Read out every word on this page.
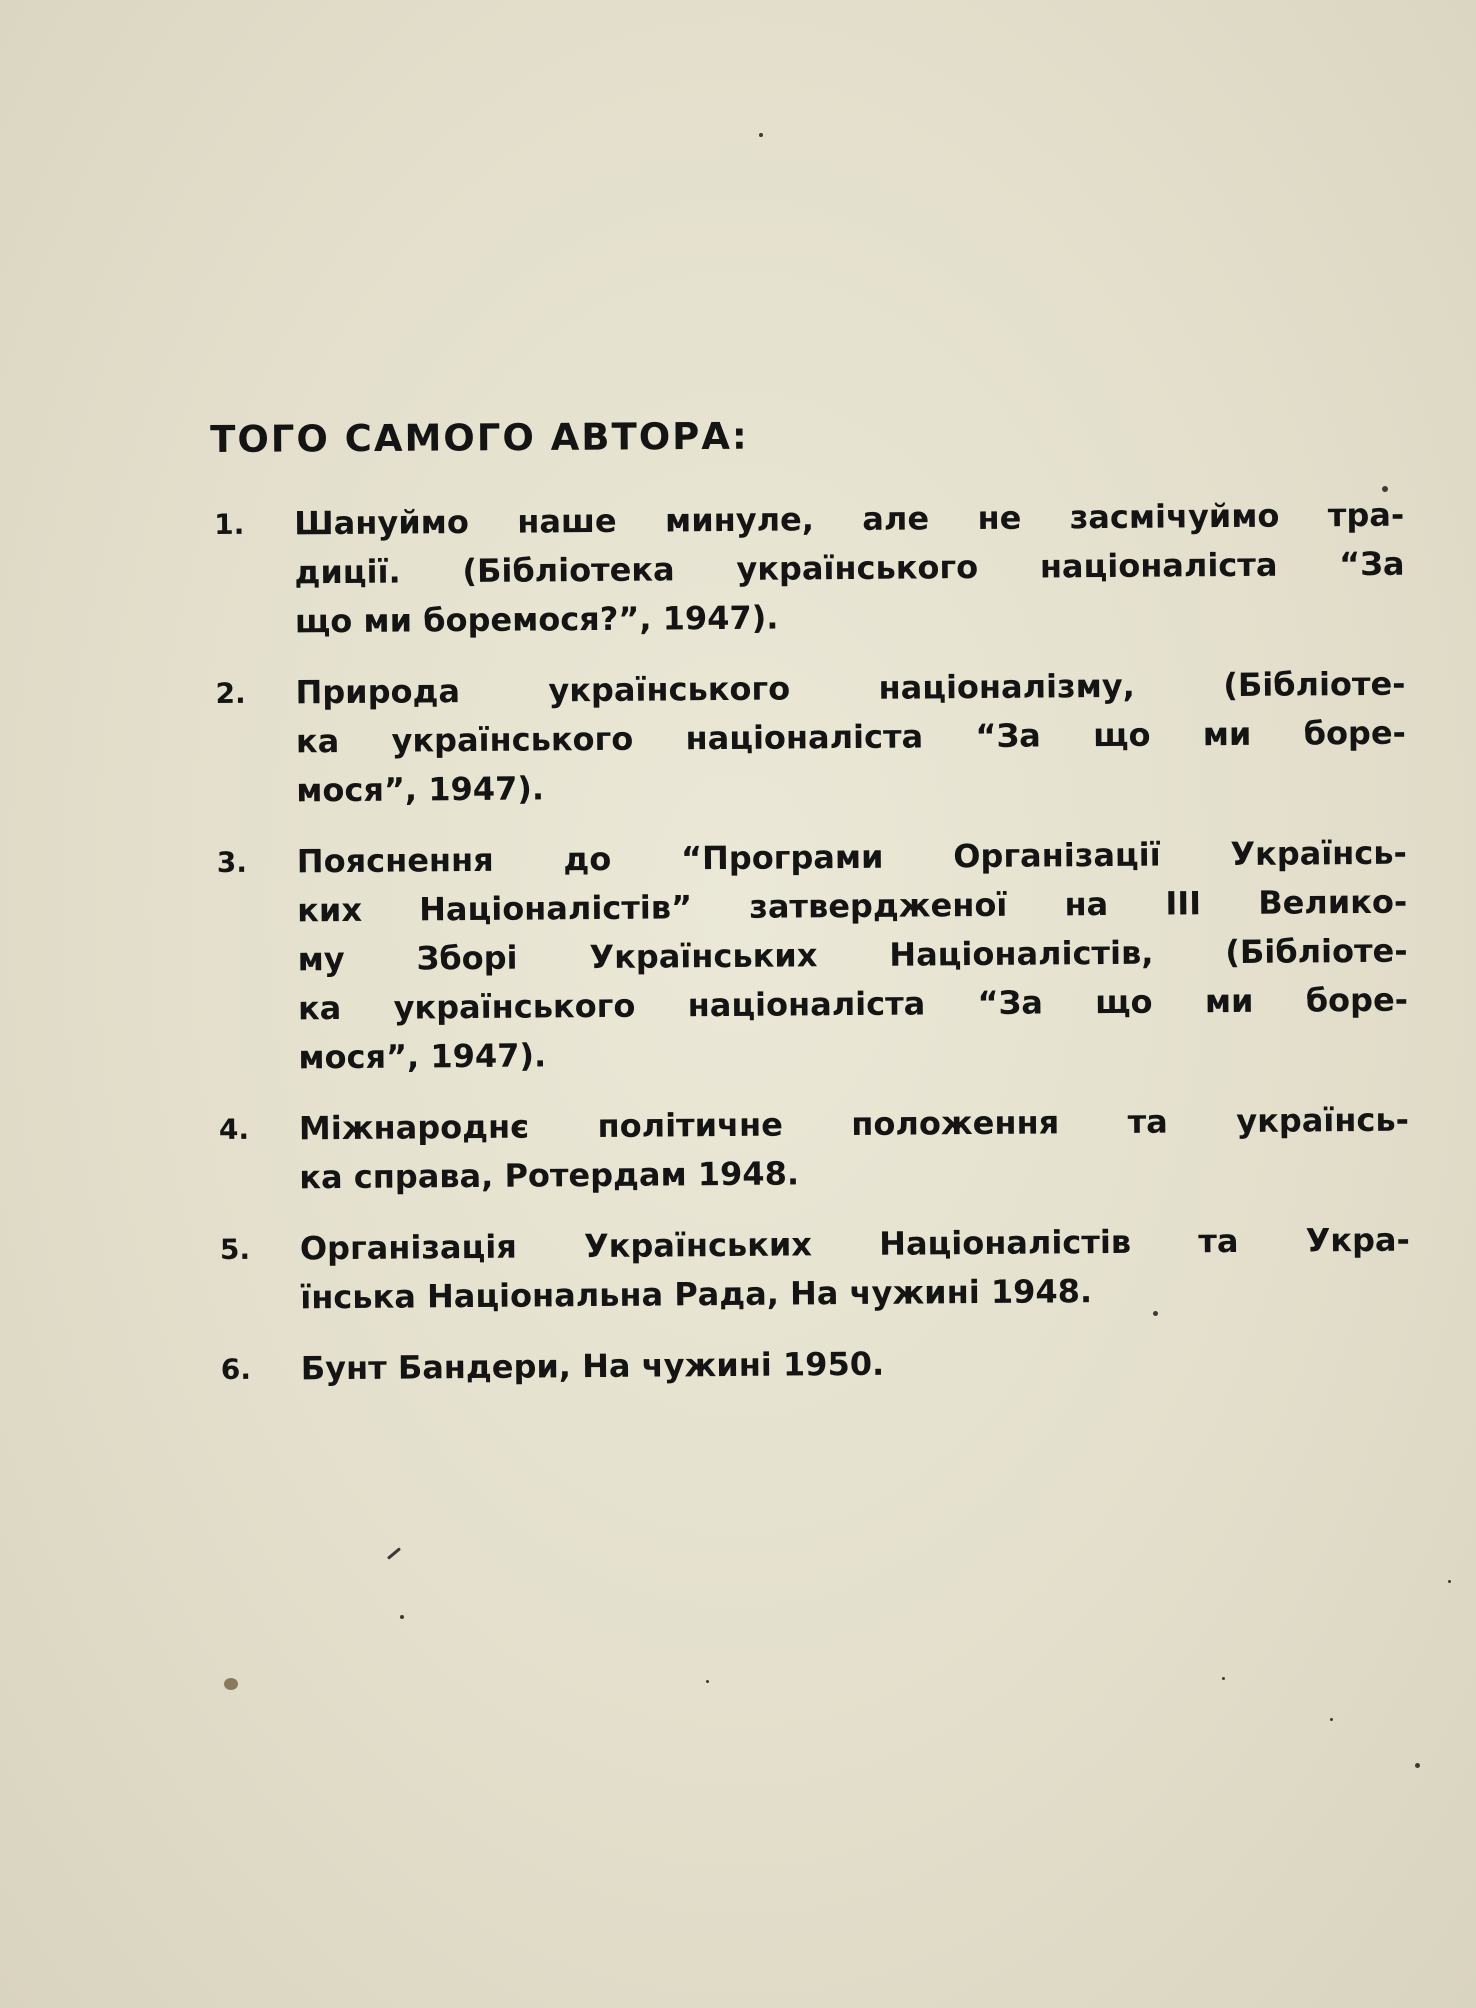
ТОГО САМОГО АВТОРА:
1. Шануймо наше минуле, але не засмічуймо тра-
диції. (Бібліотека українського націоналіста “За
що ми боремося?”, 1947).
2. Природа українського націоналізму, (Бібліоте-
ка українського націоналіста “За що ми боре-
мося”, 1947).
3. Пояснення до “Програми Організації Українсь-
ких Націоналістів” затвердженої на ІІІ Велико-
му Зборі Українських Націоналістів, (Бібліоте-
ка українського націоналіста “За що ми боре-
мося”, 1947).
4. Міжнароднє політичне положення та українсь-
ка справа, Ротердам 1948.
5. Організація Українських Націоналістів та Укра-
їнська Національна Рада, На чужині 1948.
6. Бунт Бандери, На чужині 1950.
